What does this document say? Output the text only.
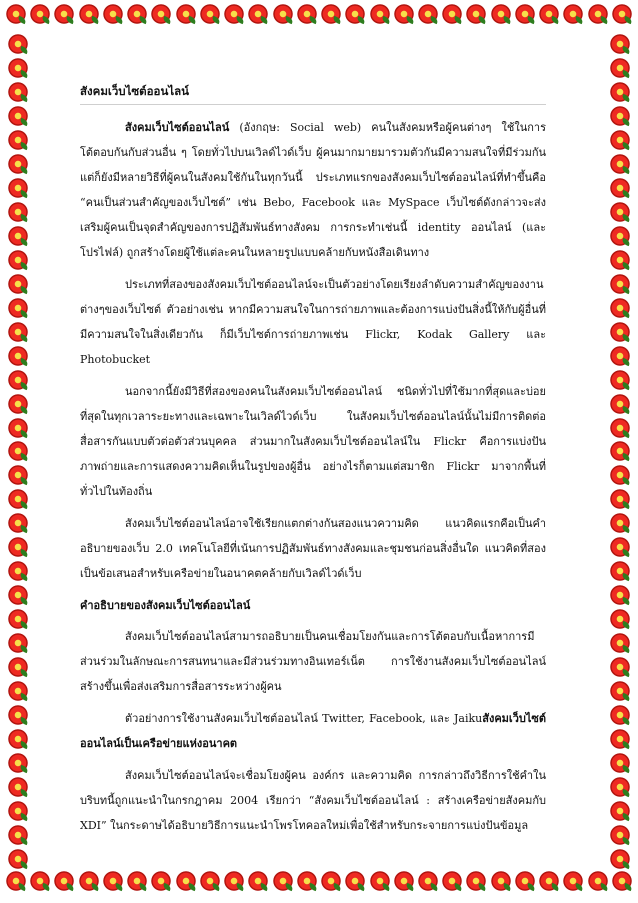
สังคมเว็บไซต์ออนไลน์

สังคมเว็บไซต์ออนไลน์ (อังกฤษ: Social web) คนในสังคมหรือผู้คนต่างๆ ใช้ในการโต้ตอบกันกับส่วนอื่น ๆ โดยทั่วไปบนเวิลด์ไวด์เว็บ ผู้คนมากมายมารวมตัวกันมีความสนใจที่มีร่วมกัน แต่ก็ยังมีหลายวิธีที่ผู้คนในสังคมใช้กันในทุกวันนี้ ประเภทแรกของสังคมเว็บไซต์ออนไลน์ที่ทำขึ้นคือ “คนเป็นส่วนสำคัญของเว็บไซต์” เช่น Bebo, Facebook และ MySpace เว็บไซต์ดังกล่าวจะส่งเสริมผู้คนเป็นจุดสำคัญของการปฏิสัมพันธ์ทางสังคม การกระทำเช่นนี้ identity ออนไลน์ (และโปรไฟล์) ถูกสร้างโดยผู้ใช้แต่ละคนในหลายรูปแบบคล้ายกับหนังสือเดินทาง

ประเภทที่สองของสังคมเว็บไซต์ออนไลน์จะเป็นตัวอย่างโดยเรียงลำดับความสำคัญของงานต่างๆของเว็บไซต์ ตัวอย่างเช่น หากมีความสนใจในการถ่ายภาพและต้องการแบ่งปันสิ่งนี้ให้กับผู้อื่นที่มีความสนใจในสิ่งเดียวกัน ก็มีเว็บไซต์การถ่ายภาพเช่น Flickr, Kodak Gallery และ Photobucket

นอกจากนี้ยังมีวิธีที่สองของคนในสังคมเว็บไซต์ออนไลน์ ชนิดทั่วไปที่ใช้มากที่สุดและบ่อยที่สุดในทุกเวลาระยะทางและเฉพาะในเวิลด์ไวด์เว็บ ในสังคมเว็บไซต์ออนไลน์นั้นไม่มีการติดต่อสื่อสารกันแบบตัวต่อตัวส่วนบุคคล ส่วนมากในสังคมเว็บไซต์ออนไลน์ใน Flickr คือการแบ่งปันภาพถ่ายและการแสดงความคิดเห็นในรูปของผู้อื่น อย่างไรก็ตามแต่สมาชิก Flickr มาจากพื้นที่ทั่วไปในท้องถิ่น

สังคมเว็บไซต์ออนไลน์อาจใช้เรียกแตกต่างกันสองแนวความคิด แนวคิดแรกคือเป็นคำอธิบายของเว็บ 2.0 เทคโนโลยีที่เน้นการปฏิสัมพันธ์ทางสังคมและชุมชนก่อนสิ่งอื่นใด แนวคิดที่สองเป็นข้อเสนอสำหรับเครือข่ายในอนาคตคล้ายกับเวิลด์ไวด์เว็บ

คำอธิบายของสังคมเว็บไซต์ออนไลน์

สังคมเว็บไซต์ออนไลน์สามารถอธิบายเป็นคนเชื่อมโยงกันและการโต้ตอบกับเนื้อหาการมีส่วนร่วมในลักษณะการสนทนาและมีส่วนร่วมทางอินเทอร์เน็ต การใช้งานสังคมเว็บไซต์ออนไลน์สร้างขึ้นเพื่อส่งเสริมการสื่อสารระหว่างผู้คน

ตัวอย่างการใช้งานสังคมเว็บไซต์ออนไลน์ Twitter, Facebook, และ Jaikuสังคมเว็บไซต์ออนไลน์เป็นเครือข่ายแห่งอนาคต

สังคมเว็บไซต์ออนไลน์จะเชื่อมโยงผู้คน องค์กร และความคิด การกล่าวถึงวิธีการใช้คำในบริบทนี้ถูกแนะนำในกรกฎาคม 2004 เรียกว่า “สังคมเว็บไซต์ออนไลน์ : สร้างเครือข่ายสังคมกับ XDI” ในกระดาษได้อธิบายวิธีการแนะนำโพรโทคอลใหม่เพื่อใช้สำหรับกระจายการแบ่งปันข้อมูล
